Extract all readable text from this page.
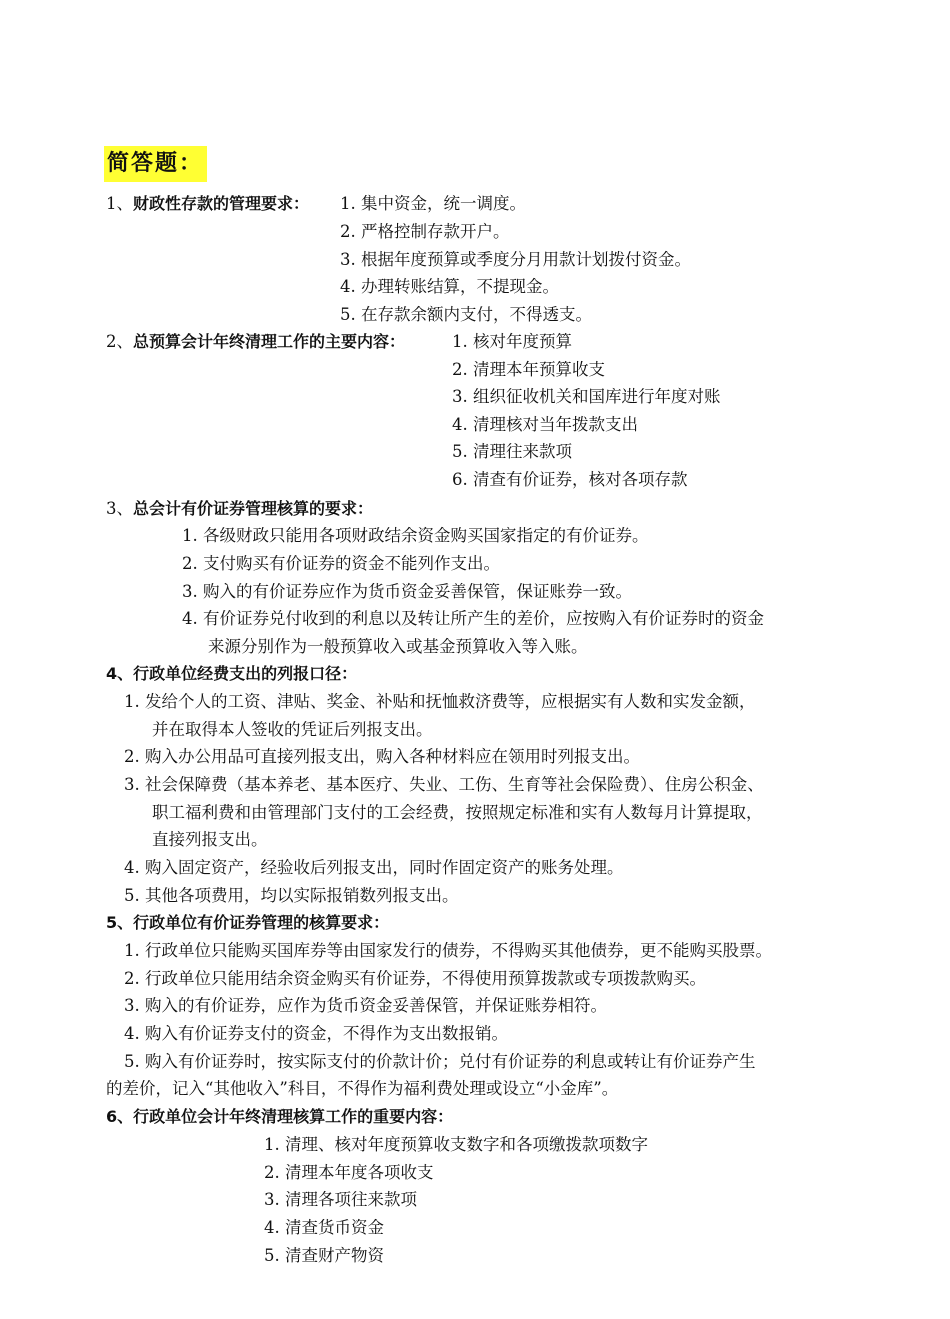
简答题：
1、财政性存款的管理要求： 1. 集中资金，统一调度。
2. 严格控制存款开户。
3. 根据年度预算或季度分月用款计划拨付资金。
4. 办理转账结算，不提现金。
5. 在存款余额内支付，不得透支。
2、总预算会计年终清理工作的主要内容：	1. 核对年度预算
2. 清理本年预算收支
3. 组织征收机关和国库进行年度对账
4. 清理核对当年拨款支出
5. 清理往来款项
6. 清查有价证券，核对各项存款
3、总会计有价证券管理核算的要求：
1. 各级财政只能用各项财政结余资金购买国家指定的有价证券。
2. 支付购买有价证券的资金不能列作支出。
3. 购入的有价证券应作为货币资金妥善保管，保证账券一致。
4. 有价证券兑付收到的利息以及转让所产生的差价，应按购入有价证券时的资金
来源分别作为一般预算收入或基金预算收入等入账。
4、行政单位经费支出的列报口径：
1. 发给个人的工资、津贴、奖金、补贴和抚恤救济费等，应根据实有人数和实发金额，
并在取得本人签收的凭证后列报支出。
2. 购入办公用品可直接列报支出，购入各种材料应在领用时列报支出。
3. 社会保障费（基本养老、基本医疗、失业、工伤、生育等社会保险费）、住房公积金、
职工福利费和由管理部门支付的工会经费，按照规定标准和实有人数每月计算提取，
直接列报支出。
4. 购入固定资产，经验收后列报支出，同时作固定资产的账务处理。
5. 其他各项费用，均以实际报销数列报支出。
5、行政单位有价证券管理的核算要求：
1. 行政单位只能购买国库券等由国家发行的债券，不得购买其他债券，更不能购买股票。
2. 行政单位只能用结余资金购买有价证券，不得使用预算拨款或专项拨款购买。
3. 购入的有价证券，应作为货币资金妥善保管，并保证账券相符。
4. 购入有价证券支付的资金，不得作为支出数报销。
5. 购入有价证券时，按实际支付的价款计价；兑付有价证券的利息或转让有价证券产生
的差价，记入“其他收入”科目，不得作为福利费处理或设立“小金库”。
6、行政单位会计年终清理核算工作的重要内容：
1. 清理、核对年度预算收支数字和各项缴拨款项数字
2. 清理本年度各项收支
3. 清理各项往来款项
4. 清查货币资金
5. 清查财产物资
